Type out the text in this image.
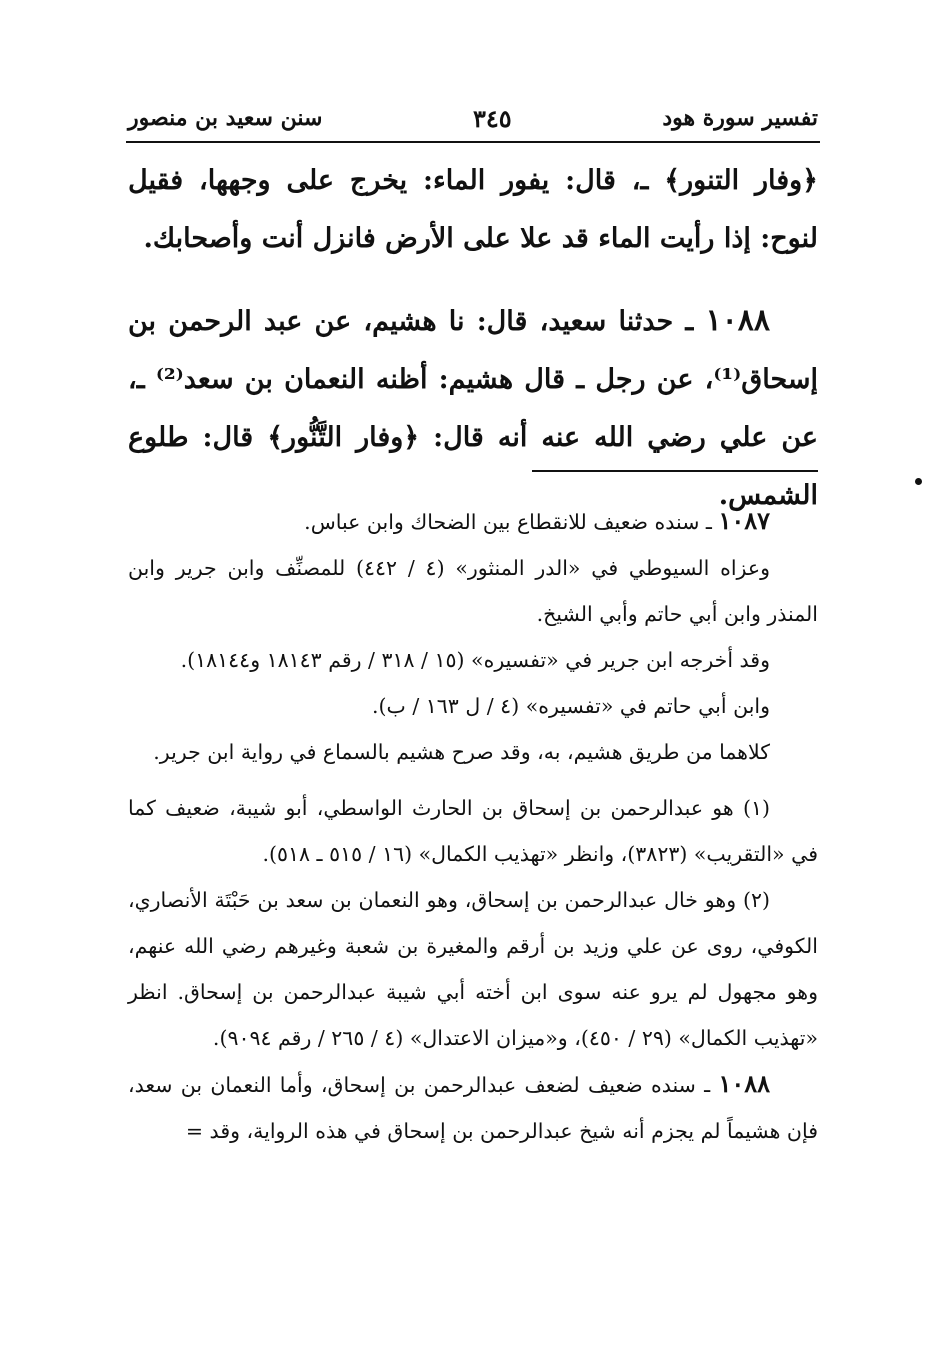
تفسير سورة هود
٣٤٥
سنن سعيد بن منصور

﴿وفار التنور﴾ ـ، قال: يفور الماء: يخرج على وجهها، فقيل لنوح: إذا رأيت الماء قد علا على الأرض فانزل أنت وأصحابك.

١٠٨٨ ـ حدثنا سعيد، قال: نا هشيم، عن عبد الرحمن بن إسحاق⁽¹⁾، عن رجل ـ قال هشيم: أظنه النعمان بن سعد⁽²⁾ ـ، عن علي رضي الله عنه أنه قال: ﴿وفار التَّنُّور﴾ قال: طلوع الشمس.

١٠٨٧ ـ سنده ضعيف للانقطاع بين الضحاك وابن عباس.

وعزاه السيوطي في «الدر المنثور» (٤ / ٤٤٢) للمصنِّف وابن جرير وابن المنذر وابن أبي حاتم وأبي الشيخ.

وقد أخرجه ابن جرير في «تفسيره» (١٥ / ٣١٨ / رقم ١٨١٤٣ و١٨١٤٤).

وابن أبي حاتم في «تفسيره» (٤ / ل ١٦٣ / ب).

كلاهما من طريق هشيم، به، وقد صرح هشيم بالسماع في رواية ابن جرير.

(١) هو عبدالرحمن بن إسحاق بن الحارث الواسطي، أبو شيبة، ضعيف كما في «التقريب» (٣٨٢٣)، وانظر «تهذيب الكمال» (١٦ / ٥١٥ ـ ٥١٨).

(٢) وهو خال عبدالرحمن بن إسحاق، وهو النعمان بن سعد بن حَبْتَة الأنصاري، الكوفي، روى عن علي وزيد بن أرقم والمغيرة بن شعبة وغيرهم رضي الله عنهم، وهو مجهول لم يرو عنه سوى ابن أخته أبي شيبة عبدالرحمن بن إسحاق. انظر «تهذيب الكمال» (٢٩ / ٤٥٠)، و«ميزان الاعتدال» (٤ / ٢٦٥ / رقم ٩٠٩٤).

١٠٨٨ ـ سنده ضعيف لضعف عبدالرحمن بن إسحاق، وأما النعمان بن سعد، فإن هشيماً لم يجزم أنه شيخ عبدالرحمن بن إسحاق في هذه الرواية، وقد =
